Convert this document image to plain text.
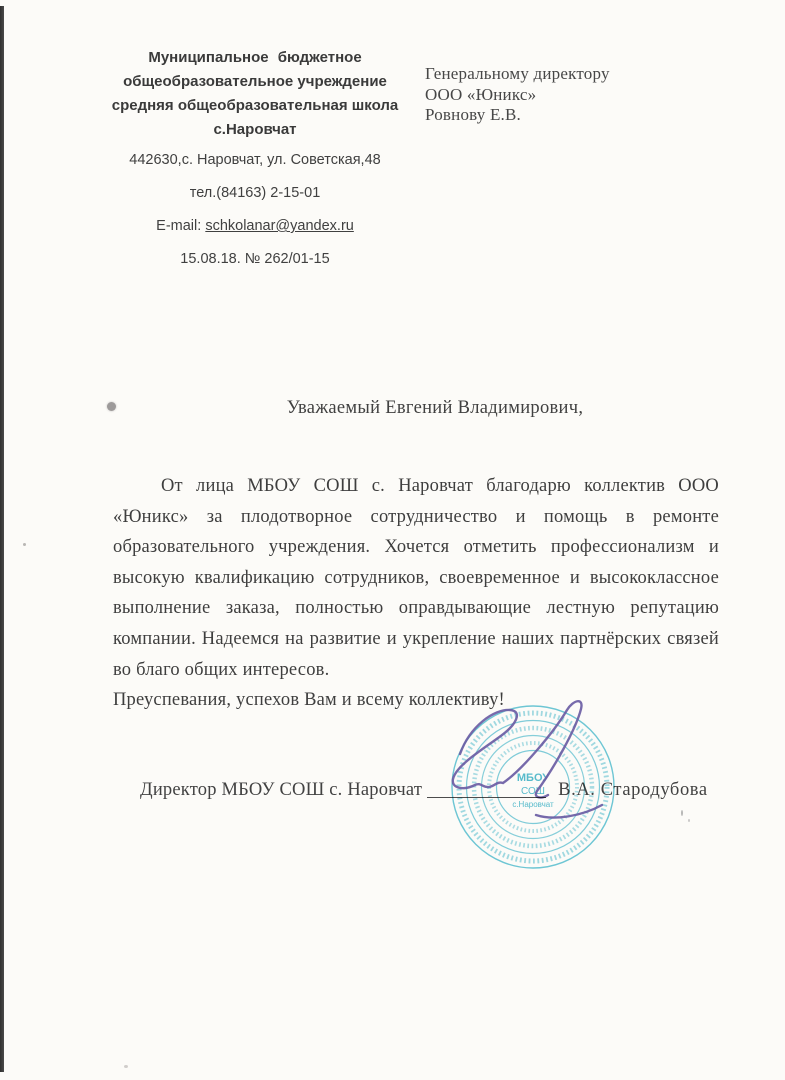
Муниципальное бюджетное
общеобразовательное учреждение
средняя общеобразовательная школа
с.Наровчат
442630,с. Наровчат, ул. Советская,48
тел.(84163) 2-15-01
E-mail: schkolanar@yandex.ru
15.08.18. № 262/01-15
Генеральному директору
ООО «Юникс»
Ровнову Е.В.
Уважаемый Евгений Владимирович,
От лица МБОУ СОШ с. Наровчат благодарю коллектив ООО
«Юникс» за плодотворное сотрудничество и помощь в ремонте
образовательного учреждения. Хочется отметить профессионализм и
высокую квалификацию сотрудников, своевременное и высококлассное
выполнение заказа, полностью оправдывающие лестную репутацию
компании. Надеемся на развитие и укрепление наших партнёрских связей
во благо общих интересов.
Преуспевания, успехов Вам и всему коллективу!
Директор МБОУ СОШ с. Наровчат	В.А. Стародубова
МБОУ
СОШ
с.Наровчат
